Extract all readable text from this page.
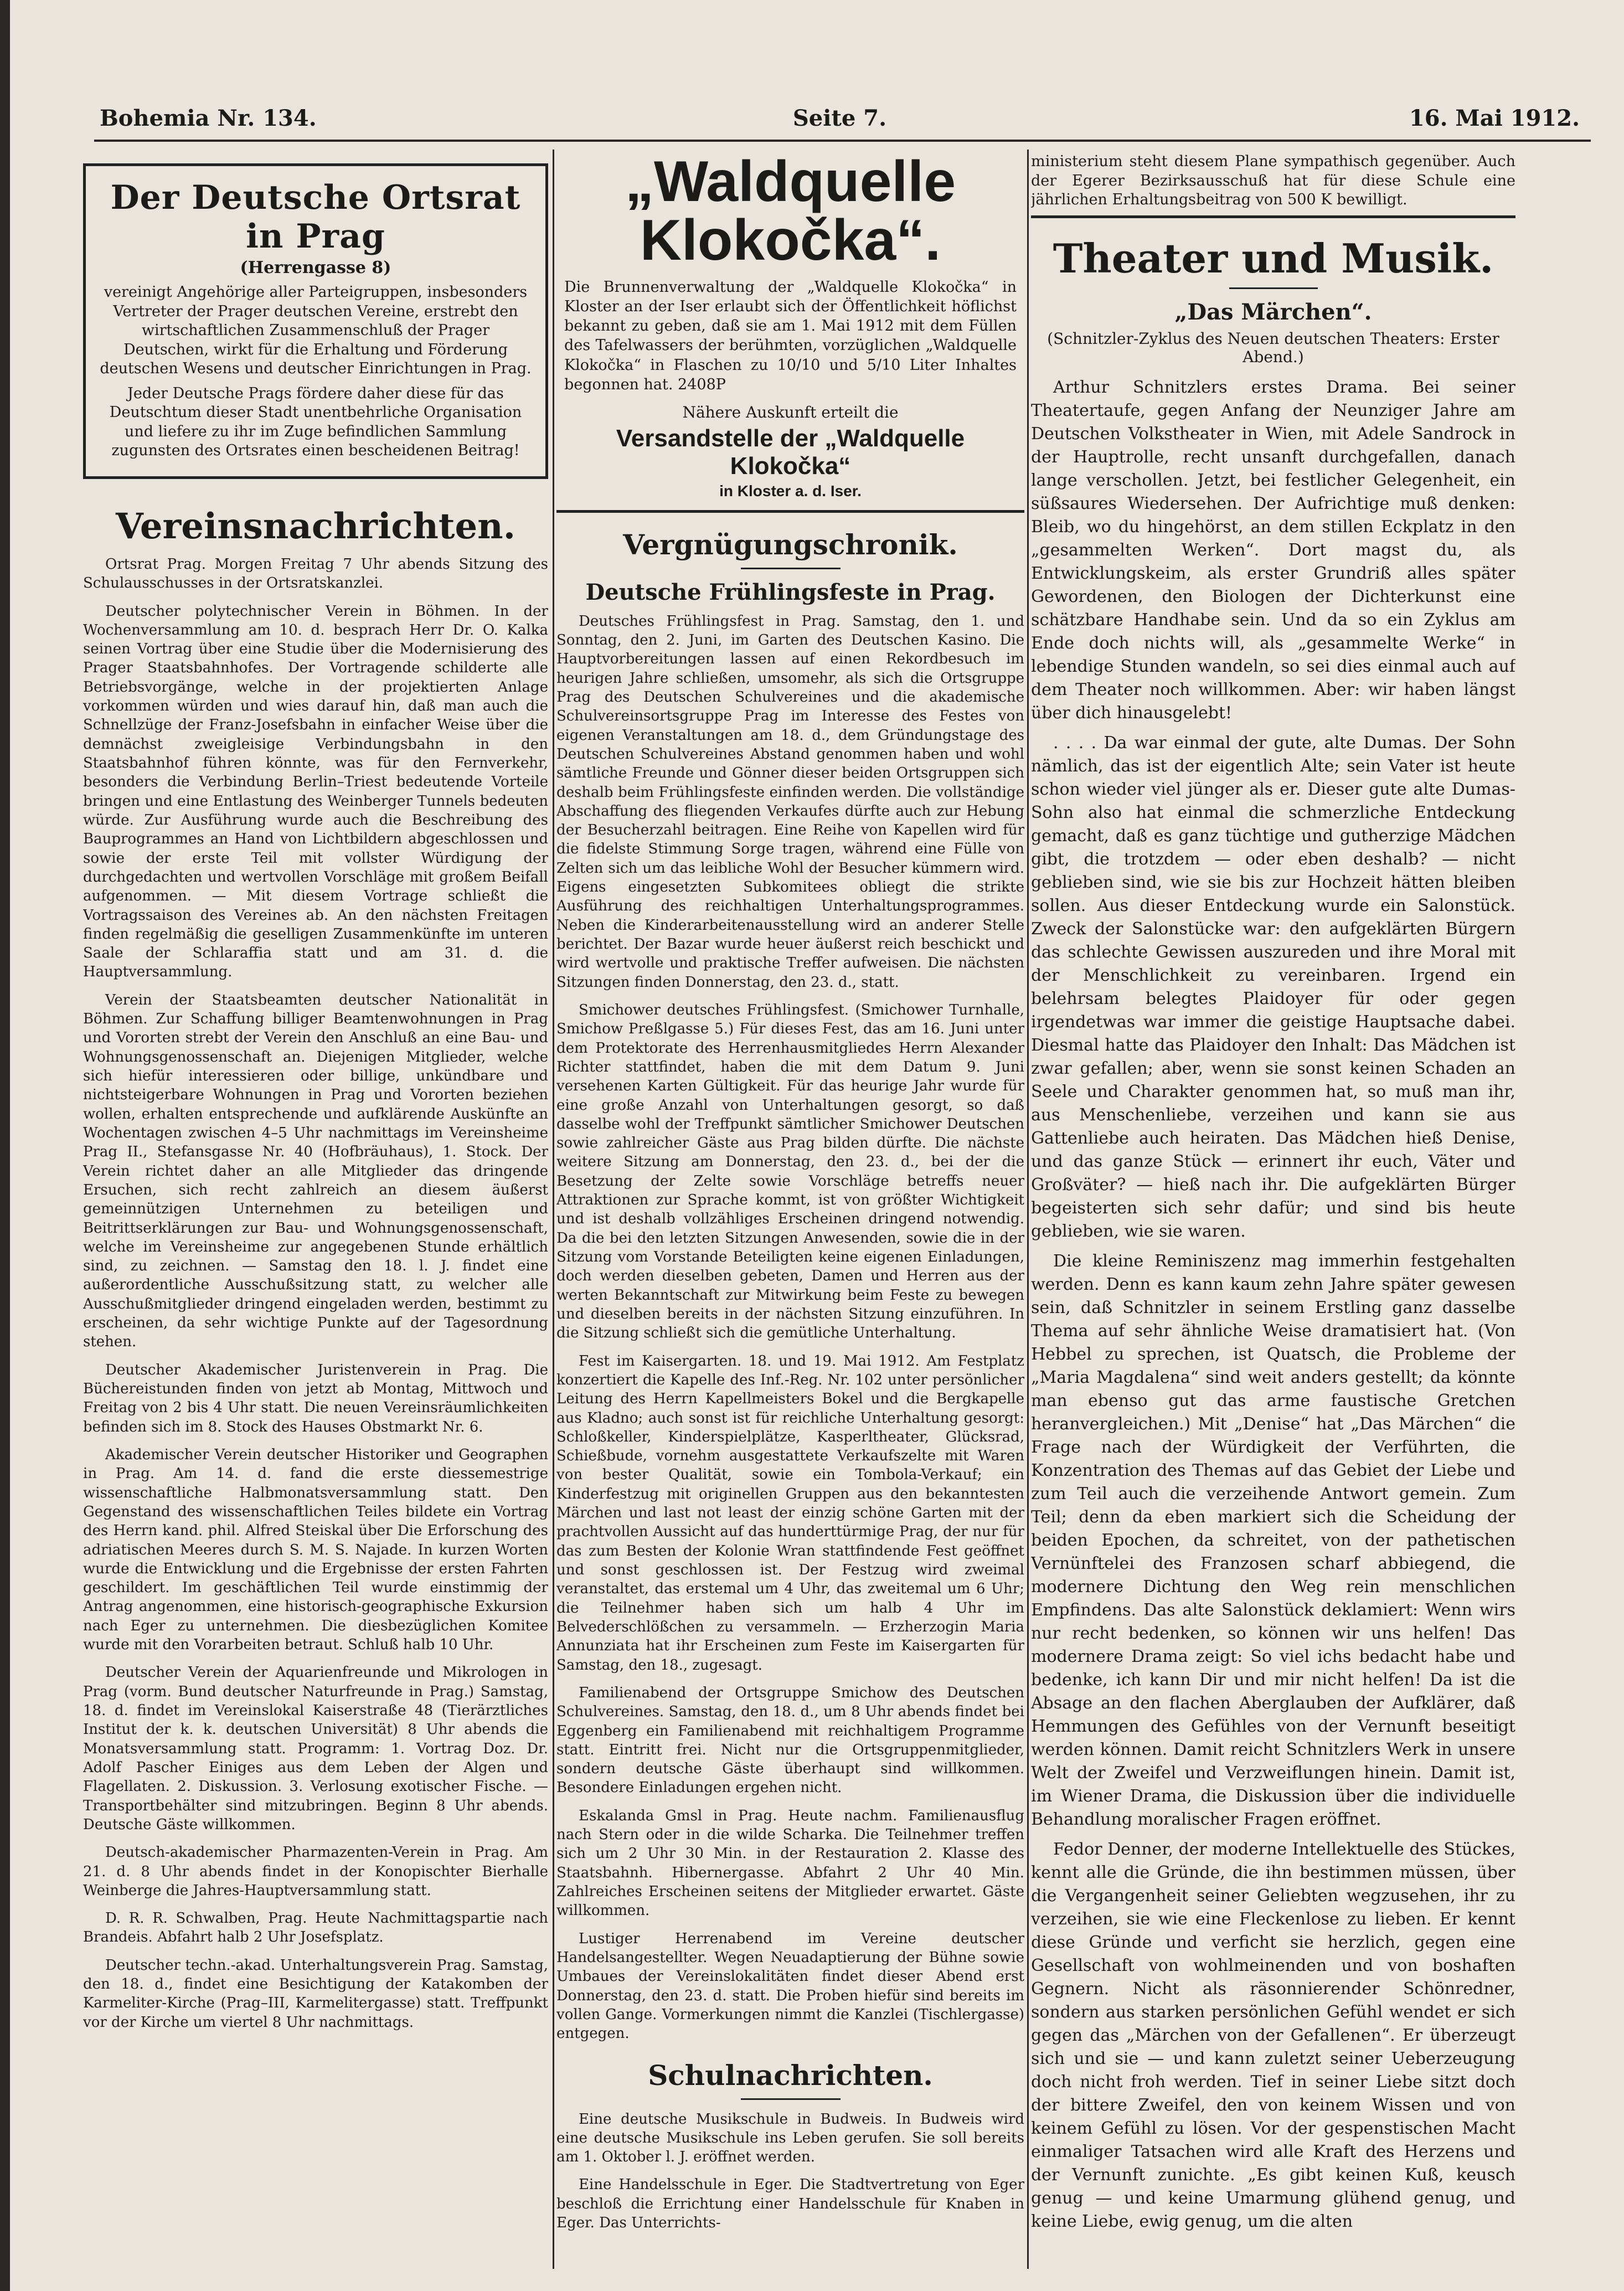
Bohemia Nr. 134.	Seite 7.	16. Mai 1912.
Der Deutsche Ortsrat in Prag
(Herrengasse 8)

vereinigt Angehörige aller Parteigruppen, insbesonders Vertreter der Prager deutschen Vereine, erstrebt den wirtschaftlichen Zusammenschluß der Prager Deutschen, wirkt für die Erhaltung und Förderung deutschen Wesens und deutscher Einrichtungen in Prag.

Jeder Deutsche Prags fördere daher diese für das Deutschtum dieser Stadt unentbehrliche Organisation und liefere zu ihr im Zuge befindlichen Sammlung zugunsten des Ortsrates einen bescheidenen Beitrag!

Vereinsnachrichten.

Ortsrat Prag. Morgen Freitag 7 Uhr abends Sitzung des Schulausschusses in der Ortsratskanzlei.

Deutscher polytechnischer Verein in Böhmen. In der Wochenversammlung am 10. d. besprach Herr Dr. O. Kalka seinen Vortrag über eine Studie über die Modernisierung des Prager Staatsbahnhofes. Der Vortragende schilderte alle Betriebsvorgänge, welche in der projektierten Anlage vorkommen würden und wies darauf hin, daß man auch die Schnellzüge der Franz-Josefsbahn in einfacher Weise über die demnächst zweigleisige Verbindungsbahn in den Staatsbahnhof führen könnte, was für den Fernverkehr, besonders die Verbindung Berlin–Triest bedeutende Vorteile bringen und eine Entlastung des Weinberger Tunnels bedeuten würde. Zur Ausführung wurde auch die Beschreibung des Bauprogrammes an Hand von Lichtbildern abgeschlossen und sowie der erste Teil mit vollster Würdigung der durchgedachten und wertvollen Vorschläge mit großem Beifall aufgenommen. — Mit diesem Vortrage schließt die Vortragssaison des Vereines ab. An den nächsten Freitagen finden regelmäßig die geselligen Zusammenkünfte im unteren Saale der Schlaraffia statt und am 31. d. die Hauptversammlung.

Verein der Staatsbeamten deutscher Nationalität in Böhmen. Zur Schaffung billiger Beamtenwohnungen in Prag und Vororten strebt der Verein den Anschluß an eine Bau- und Wohnungsgenossenschaft an. Diejenigen Mitglieder, welche sich hiefür interessieren oder billige, unkündbare und nichtsteigerbare Wohnungen in Prag und Vororten beziehen wollen, erhalten entsprechende und aufklärende Auskünfte an Wochentagen zwischen 4–5 Uhr nachmittags im Vereinsheime Prag II., Stefansgasse Nr. 40 (Hofbräuhaus), 1. Stock. Der Verein richtet daher an alle Mitglieder das dringende Ersuchen, sich recht zahlreich an diesem äußerst gemeinnützigen Unternehmen zu beteiligen und Beitrittserklärungen zur Bau- und Wohnungsgenossenschaft, welche im Vereinsheime zur angegebenen Stunde erhältlich sind, zu zeichnen. — Samstag den 18. l. J. findet eine außerordentliche Ausschußsitzung statt, zu welcher alle Ausschußmitglieder dringend eingeladen werden, bestimmt zu erscheinen, da sehr wichtige Punkte auf der Tagesordnung stehen.

Deutscher Akademischer Juristenverein in Prag. Die Büchereistunden finden von jetzt ab Montag, Mittwoch und Freitag von 2 bis 4 Uhr statt. Die neuen Vereinsräumlichkeiten befinden sich im 8. Stock des Hauses Obstmarkt Nr. 6.

Akademischer Verein deutscher Historiker und Geographen in Prag. Am 14. d. fand die erste diessemestrige wissenschaftliche Halbmonatsversammlung statt. Den Gegenstand des wissenschaftlichen Teiles bildete ein Vortrag des Herrn kand. phil. Alfred Steiskal über Die Erforschung des adriatischen Meeres durch S. M. S. Najade. In kurzen Worten wurde die Entwicklung und die Ergebnisse der ersten Fahrten geschildert. Im geschäftlichen Teil wurde einstimmig der Antrag angenommen, eine historisch-geographische Exkursion nach Eger zu unternehmen. Die diesbezüglichen Komitee wurde mit den Vorarbeiten betraut. Schluß halb 10 Uhr.

Deutscher Verein der Aquarienfreunde und Mikrologen in Prag (vorm. Bund deutscher Naturfreunde in Prag.) Samstag, 18. d. findet im Vereinslokal Kaiserstraße 48 (Tierärztliches Institut der k. k. deutschen Universität) 8 Uhr abends die Monatsversammlung statt. Programm: 1. Vortrag Doz. Dr. Adolf Pascher Einiges aus dem Leben der Algen und Flagellaten. 2. Diskussion. 3. Verlosung exotischer Fische. — Transportbehälter sind mitzubringen. Beginn 8 Uhr abends. Deutsche Gäste willkommen.

Deutsch-akademischer Pharmazenten-Verein in Prag. Am 21. d. 8 Uhr abends findet in der Konopischter Bierhalle Weinberge die Jahres-Hauptversammlung statt.

D. R. R. Schwalben, Prag. Heute Nachmittagspartie nach Brandeis. Abfahrt halb 2 Uhr Josefsplatz.

Deutscher techn.-akad. Unterhaltungsverein Prag. Samstag, den 18. d., findet eine Besichtigung der Katakomben der Karmeliter-Kirche (Prag–III, Karmelitergasse) statt. Treffpunkt vor der Kirche um viertel 8 Uhr nachmittags.

„Waldquelle
Klokočka“.

Die Brunnenverwaltung der „Waldquelle Klokočka“ in Kloster an der Iser erlaubt sich der Öffentlichkeit höflichst bekannt zu geben, daß sie am 1. Mai 1912 mit dem Füllen des Tafelwassers der berühmten, vorzüglichen „Waldquelle Klokočka“ in Flaschen zu 10/10 und 5/10 Liter Inhaltes begonnen hat. 2408P

Nähere Auskunft erteilt die
Versandstelle der „Waldquelle Klokočka“
in Kloster a. d. Iser.
Vergnügungschronik.
Deutsche Frühlingsfeste in Prag.

Deutsches Frühlingsfest in Prag. Samstag, den 1. und Sonntag, den 2. Juni, im Garten des Deutschen Kasino. Die Hauptvorbereitungen lassen auf einen Rekordbesuch im heurigen Jahre schließen, umsomehr, als sich die Ortsgruppe Prag des Deutschen Schulvereines und die akademische Schulvereinsortsgruppe Prag im Interesse des Festes von eigenen Veranstaltungen am 18. d., dem Gründungstage des Deutschen Schulvereines Abstand genommen haben und wohl sämtliche Freunde und Gönner dieser beiden Ortsgruppen sich deshalb beim Frühlingsfeste einfinden werden. Die vollständige Abschaffung des fliegenden Verkaufes dürfte auch zur Hebung der Besucherzahl beitragen. Eine Reihe von Kapellen wird für die fidelste Stimmung Sorge tragen, während eine Fülle von Zelten sich um das leibliche Wohl der Besucher kümmern wird. Eigens eingesetzten Subkomitees obliegt die strikte Ausführung des reichhaltigen Unterhaltungsprogrammes. Neben die Kinderarbeitenausstellung wird an anderer Stelle berichtet. Der Bazar wurde heuer äußerst reich beschickt und wird wertvolle und praktische Treffer aufweisen. Die nächsten Sitzungen finden Donnerstag, den 23. d., statt.

Smichower deutsches Frühlingsfest. (Smichower Turnhalle, Smichow Preßlgasse 5.) Für dieses Fest, das am 16. Juni unter dem Protektorate des Herrenhausmitgliedes Herrn Alexander Richter stattfindet, haben die mit dem Datum 9. Juni versehenen Karten Gültigkeit. Für das heurige Jahr wurde für eine große Anzahl von Unterhaltungen gesorgt, so daß dasselbe wohl der Treffpunkt sämtlicher Smichower Deutschen sowie zahlreicher Gäste aus Prag bilden dürfte. Die nächste weitere Sitzung am Donnerstag, den 23. d., bei der die Besetzung der Zelte sowie Vorschläge betreffs neuer Attraktionen zur Sprache kommt, ist von größter Wichtigkeit und ist deshalb vollzähliges Erscheinen dringend notwendig. Da die bei den letzten Sitzungen Anwesenden, sowie die in der Sitzung vom Vorstande Beteiligten keine eigenen Einladungen, doch werden dieselben gebeten, Damen und Herren aus der werten Bekanntschaft zur Mitwirkung beim Feste zu bewegen und dieselben bereits in der nächsten Sitzung einzuführen. In die Sitzung schließt sich die gemütliche Unterhaltung.

Fest im Kaisergarten. 18. und 19. Mai 1912. Am Festplatz konzertiert die Kapelle des Inf.-Reg. Nr. 102 unter persönlicher Leitung des Herrn Kapellmeisters Bokel und die Bergkapelle aus Kladno; auch sonst ist für reichliche Unterhaltung gesorgt: Schloßkeller, Kinderspielplätze, Kasperltheater, Glücksrad, Schießbude, vornehm ausgestattete Verkaufszelte mit Waren von bester Qualität, sowie ein Tombola-Verkauf; ein Kinderfestzug mit originellen Gruppen aus den bekanntesten Märchen und last not least der einzig schöne Garten mit der prachtvollen Aussicht auf das hunderttürmige Prag, der nur für das zum Besten der Kolonie Wran stattfindende Fest geöffnet und sonst geschlossen ist. Der Festzug wird zweimal veranstaltet, das erstemal um 4 Uhr, das zweitemal um 6 Uhr; die Teilnehmer haben sich um halb 4 Uhr im Belvederschlößchen zu versammeln. — Erzherzogin Maria Annunziata hat ihr Erscheinen zum Feste im Kaisergarten für Samstag, den 18., zugesagt.

Familienabend der Ortsgruppe Smichow des Deutschen Schulvereines. Samstag, den 18. d., um 8 Uhr abends findet bei Eggenberg ein Familienabend mit reichhaltigem Programme statt. Eintritt frei. Nicht nur die Ortsgruppenmitglieder, sondern deutsche Gäste überhaupt sind willkommen. Besondere Einladungen ergehen nicht.

Eskalanda Gmsl in Prag. Heute nachm. Familienausflug nach Stern oder in die wilde Scharka. Die Teilnehmer treffen sich um 2 Uhr 30 Min. in der Restauration 2. Klasse des Staatsbahnh. Hibernergasse. Abfahrt 2 Uhr 40 Min. Zahlreiches Erscheinen seitens der Mitglieder erwartet. Gäste willkommen.

Lustiger Herrenabend im Vereine deutscher Handelsangestellter. Wegen Neuadaptierung der Bühne sowie Umbaues der Vereinslokalitäten findet dieser Abend erst Donnerstag, den 23. d. statt. Die Proben hiefür sind bereits im vollen Gange. Vormerkungen nimmt die Kanzlei (Tischlergasse) entgegen.

Schulnachrichten.

Eine deutsche Musikschule in Budweis. In Budweis wird eine deutsche Musikschule ins Leben gerufen. Sie soll bereits am 1. Oktober l. J. eröffnet werden.

Eine Handelsschule in Eger. Die Stadtvertretung von Eger beschloß die Errichtung einer Handelsschule für Knaben in Eger. Das Unterrichts-

ministerium steht diesem Plane sympathisch gegenüber. Auch der Egerer Bezirksausschuß hat für diese Schule eine jährlichen Erhaltungsbeitrag von 500 K bewilligt.

Theater und Musik.
„Das Märchen“.
(Schnitzler-Zyklus des Neuen deutschen Theaters: Erster Abend.)

Arthur Schnitzlers erstes Drama. Bei seiner Theatertaufe, gegen Anfang der Neunziger Jahre am Deutschen Volkstheater in Wien, mit Adele Sandrock in der Hauptrolle, recht unsanft durchgefallen, danach lange verschollen. Jetzt, bei festlicher Gelegenheit, ein süßsaures Wiedersehen. Der Aufrichtige muß denken: Bleib, wo du hingehörst, an dem stillen Eckplatz in den „gesammelten Werken“. Dort magst du, als Entwicklungskeim, als erster Grundriß alles später Gewordenen, den Biologen der Dichterkunst eine schätzbare Handhabe sein. Und da so ein Zyklus am Ende doch nichts will, als „gesammelte Werke“ in lebendige Stunden wandeln, so sei dies einmal auch auf dem Theater noch willkommen. Aber: wir haben längst über dich hinausgelebt!

. . . . Da war einmal der gute, alte Dumas. Der Sohn nämlich, das ist der eigentlich Alte; sein Vater ist heute schon wieder viel jünger als er. Dieser gute alte Dumas-Sohn also hat einmal die schmerzliche Entdeckung gemacht, daß es ganz tüchtige und gutherzige Mädchen gibt, die trotzdem — oder eben deshalb? — nicht geblieben sind, wie sie bis zur Hochzeit hätten bleiben sollen. Aus dieser Entdeckung wurde ein Salonstück. Zweck der Salonstücke war: den aufgeklärten Bürgern das schlechte Gewissen auszureden und ihre Moral mit der Menschlichkeit zu vereinbaren. Irgend ein belehrsam belegtes Plaidoyer für oder gegen irgendetwas war immer die geistige Hauptsache dabei. Diesmal hatte das Plaidoyer den Inhalt: Das Mädchen ist zwar gefallen; aber, wenn sie sonst keinen Schaden an Seele und Charakter genommen hat, so muß man ihr, aus Menschenliebe, verzeihen und kann sie aus Gattenliebe auch heiraten. Das Mädchen hieß Denise, und das ganze Stück — erinnert ihr euch, Väter und Großväter? — hieß nach ihr. Die aufgeklärten Bürger begeisterten sich sehr dafür; und sind bis heute geblieben, wie sie waren.

Die kleine Reminiszenz mag immerhin festgehalten werden. Denn es kann kaum zehn Jahre später gewesen sein, daß Schnitzler in seinem Erstling ganz dasselbe Thema auf sehr ähnliche Weise dramatisiert hat. (Von Hebbel zu sprechen, ist Quatsch, die Probleme der „Maria Magdalena“ sind weit anders gestellt; da könnte man ebenso gut das arme faustische Gretchen heranvergleichen.) Mit „Denise“ hat „Das Märchen“ die Frage nach der Würdigkeit der Verführten, die Konzentration des Themas auf das Gebiet der Liebe und zum Teil auch die verzeihende Antwort gemein. Zum Teil; denn da eben markiert sich die Scheidung der beiden Epochen, da schreitet, von der pathetischen Vernünftelei des Franzosen scharf abbiegend, die modernere Dichtung den Weg rein menschlichen Empfindens. Das alte Salonstück deklamiert: Wenn wirs nur recht bedenken, so können wir uns helfen! Das modernere Drama zeigt: So viel ichs bedacht habe und bedenke, ich kann Dir und mir nicht helfen! Da ist die Absage an den flachen Aberglauben der Aufklärer, daß Hemmungen des Gefühles von der Vernunft beseitigt werden können. Damit reicht Schnitzlers Werk in unsere Welt der Zweifel und Verzweiflungen hinein. Damit ist, im Wiener Drama, die Diskussion über die individuelle Behandlung moralischer Fragen eröffnet.

Fedor Denner, der moderne Intellektuelle des Stückes, kennt alle die Gründe, die ihn bestimmen müssen, über die Vergangenheit seiner Geliebten wegzusehen, ihr zu verzeihen, sie wie eine Fleckenlose zu lieben. Er kennt diese Gründe und verficht sie herzlich, gegen eine Gesellschaft von wohlmeinenden und von boshaften Gegnern. Nicht als räsonnierender Schönredner, sondern aus starken persönlichen Gefühl wendet er sich gegen das „Märchen von der Gefallenen“. Er überzeugt sich und sie — und kann zuletzt seiner Ueberzeugung doch nicht froh werden. Tief in seiner Liebe sitzt doch der bittere Zweifel, den von keinem Wissen und von keinem Gefühl zu lösen. Vor der gespenstischen Macht einmaliger Tatsachen wird alle Kraft des Herzens und der Vernunft zunichte. „Es gibt keinen Kuß, keusch genug — und keine Umarmung glühend genug, und keine Liebe, ewig genug, um die alten
